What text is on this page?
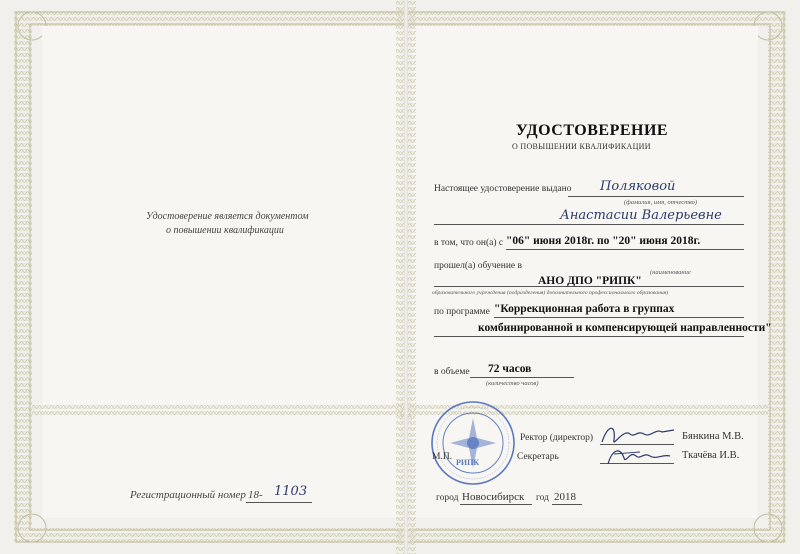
Удостоверение является документом
о повышении квалификации
Регистрационный номер 18- 1103
УДОСТОВЕРЕНИЕ
О ПОВЫШЕНИИ КВАЛИФИКАЦИИ
Настоящее удостоверение выдано Поляковой
(фамилия, имя, отчество)
Анастасии Валерьевне
в том, что он(а) с "06" июня 2018г. по "20" июня 2018г.
прошел(а) обучение в
(наименование
АНО ДПО "РИПК"
образовательного учреждения (подразделения) дополнительного профессионального образования)
по программе "Коррекционная работа в группах
комбинированной и компенсирующей направленности"
в объеме 72 часов
(количество часов)
РИПК
Ректор (директор)	Бянкина М.В.
М.П.	Секретарь	Ткачёва И.В.
город Новосибирск год 2018
